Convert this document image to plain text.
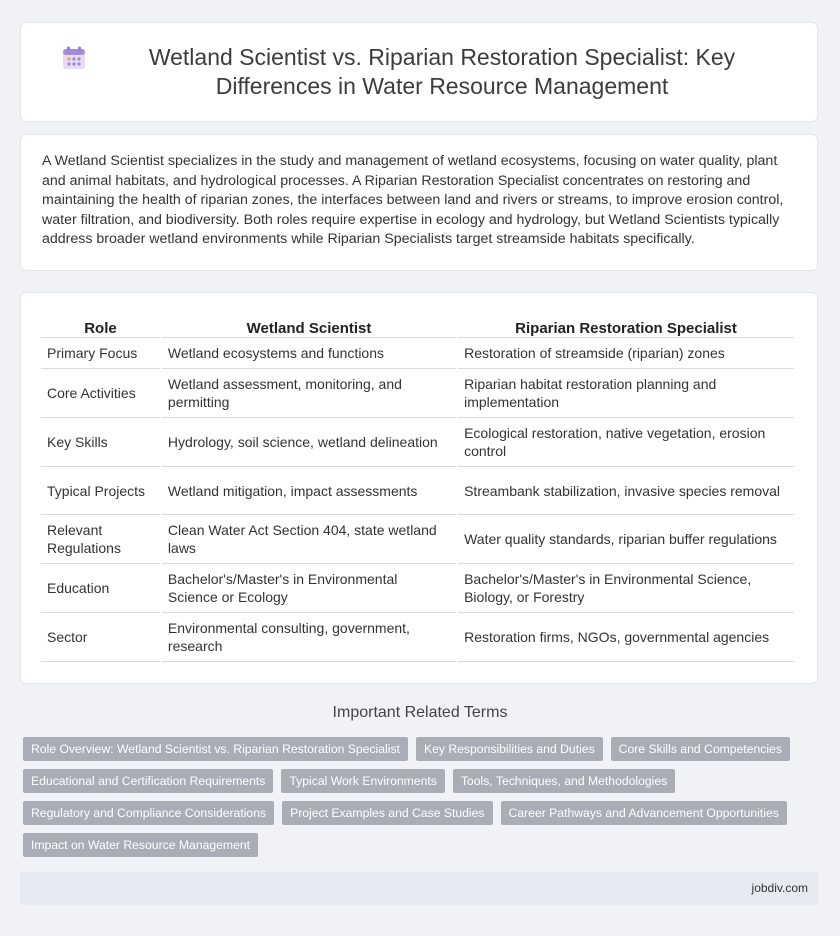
Wetland Scientist vs. Riparian Restoration Specialist: Key Differences in Water Resource Management

A Wetland Scientist specializes in the study and management of wetland ecosystems, focusing on water quality, plant and animal habitats, and hydrological processes. A Riparian Restoration Specialist concentrates on restoring and maintaining the health of riparian zones, the interfaces between land and rivers or streams, to improve erosion control, water filtration, and biodiversity. Both roles require expertise in ecology and hydrology, but Wetland Scientists typically address broader wetland environments while Riparian Specialists target streamside habitats specifically.

Role	Wetland Scientist	Riparian Restoration Specialist
Primary Focus	Wetland ecosystems and functions	Restoration of streamside (riparian) zones
Core Activities	Wetland assessment, monitoring, and permitting	Riparian habitat restoration planning and implementation
Key Skills	Hydrology, soil science, wetland delineation	Ecological restoration, native vegetation, erosion control
Typical Projects	Wetland mitigation, impact assessments	Streambank stabilization, invasive species removal
Relevant Regulations	Clean Water Act Section 404, state wetland laws	Water quality standards, riparian buffer regulations
Education	Bachelor's/Master's in Environmental Science or Ecology	Bachelor's/Master's in Environmental Science, Biology, or Forestry
Sector	Environmental consulting, government, research	Restoration firms, NGOs, governmental agencies
Important Related Terms
Role Overview: Wetland Scientist vs. Riparian Restoration Specialist	Key Responsibilities and Duties	Core Skills and Competencies
Educational and Certification Requirements	Typical Work Environments	Tools, Techniques, and Methodologies
Regulatory and Compliance Considerations	Project Examples and Case Studies	Career Pathways and Advancement Opportunities
Impact on Water Resource Management
jobdiv.com
